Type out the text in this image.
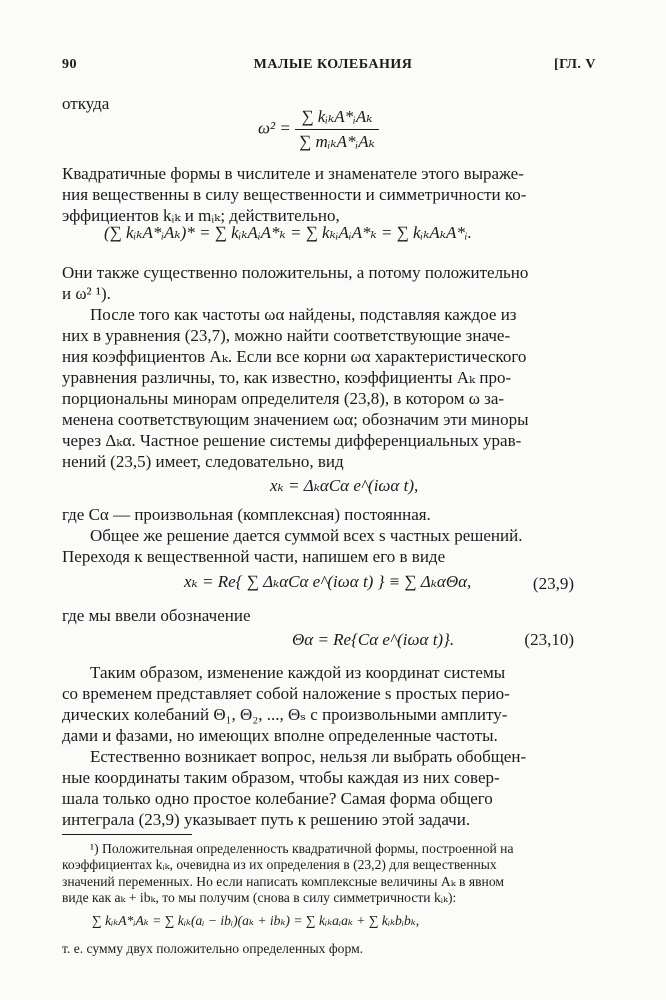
90	МАЛЫЕ КОЛЕБАНИЯ	[ГЛ. V
откуда
$\omega^2 = \frac{\text{∑ kᵢₖA*ᵢAₖ}}{\text{∑ mᵢₖA*ᵢAₖ}}$
Квадратичные формы в числителе и знаменателе этого выраже-
ния вещественны в силу вещественности и симметричности ко-
эффициентов kᵢₖ и mᵢₖ; действительно,
(∑ kᵢₖA*ᵢAₖ)* = ∑ kᵢₖAᵢA*ₖ = ∑ kₖᵢAᵢA*ₖ = ∑ kᵢₖAₖA*ᵢ.
Они также существенно положительны, а потому положительно
и ω² ¹).
После того как частоты ωα найдены, подставляя каждое из
них в уравнения (23,7), можно найти соответствующие значе-
ния коэффициентов Aₖ. Если все корни ωα характеристического
уравнения различны, то, как известно, коэффициенты Aₖ про-
порциональны минорам определителя (23,8), в котором ω за-
менена соответствующим значением ωα; обозначим эти миноры
через Δₖα. Частное решение системы дифференциальных урав-
нений (23,5) имеет, следовательно, вид
xₖ = ΔₖαCα e^(iωα t),
где Cα — произвольная (комплексная) постоянная.
Общее же решение дается суммой всех s частных решений.
Переходя к вещественной части, напишем его в виде
xₖ = Re{ ∑ ΔₖαCα e^(iωα t) } ≡ ∑ ΔₖαΘα,	(23,9)
где мы ввели обозначение
Θα = Re{Cα e^(iωα t)}.	(23,10)
Таким образом, изменение каждой из координат системы
со временем представляет собой наложение s простых перио-
дических колебаний Θ₁, Θ₂, ..., Θₛ с произвольными амплиту-
дами и фазами, но имеющих вполне определенные частоты.
Естественно возникает вопрос, нельзя ли выбрать обобщен-
ные координаты таким образом, чтобы каждая из них совер-
шала только одно простое колебание? Самая форма общего
интеграла (23,9) указывает путь к решению этой задачи.
¹) Положительная определенность квадратичной формы, построенной на
коэффициентах kᵢₖ, очевидна из их определения в (23,2) для вещественных
значений переменных. Но если написать комплексные величины Aₖ в явном
виде как aₖ + ibₖ, то мы получим (снова в силу симметричности kᵢₖ):
∑ kᵢₖA*ᵢAₖ = ∑ kᵢₖ(aᵢ − ibᵢ)(aₖ + ibₖ) = ∑ kᵢₖaᵢaₖ + ∑ kᵢₖbᵢbₖ,
т. е. сумму двух положительно определенных форм.
